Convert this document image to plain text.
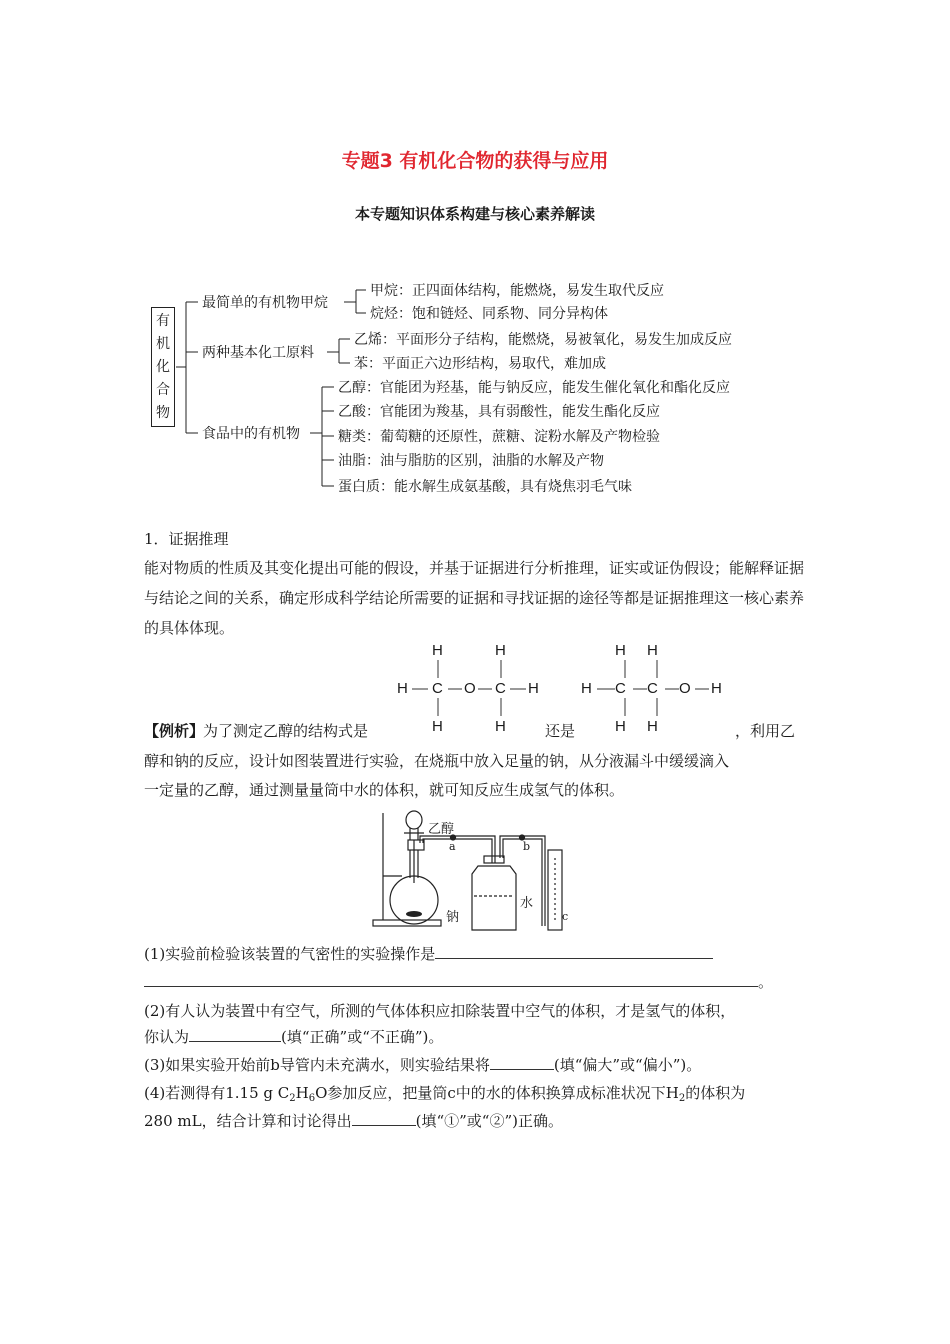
专题3 有机化合物的获得与应用
本专题知识体系构建与核心素养解读
有机化合物
最简单的有机物甲烷
甲烷：正四面体结构，能燃烧，易发生取代反应
烷烃：饱和链烃、同系物、同分异构体
两种基本化工原料
乙烯：平面形分子结构，能燃烧，易被氧化，易发生加成反应
苯：平面正六边形结构，易取代，难加成
食品中的有机物
乙醇：官能团为羟基，能与钠反应，能发生催化氧化和酯化反应
乙酸：官能团为羧基，具有弱酸性，能发生酯化反应
糖类：葡萄糖的还原性，蔗糖、淀粉水解及产物检验
油脂：油与脂肪的区别，油脂的水解及产物
蛋白质：能水解生成氨基酸，具有烧焦羽毛气味
1．证据推理
能对物质的性质及其变化提出可能的假设，并基于证据进行分析推理，证实或证伪假设；能解释证据与结论之间的关系，确定形成科学结论所需要的证据和寻找证据的途径等都是证据推理这一核心素养的具体体现。
H	H
H C O C H
H	H
H H
H C C O H
H H
【例析】
为了测定乙醇的结构式是	还是	，利用乙
醇和钠的反应，设计如图装置进行实验，在烧瓶中放入足量的钠，从分液漏斗中缓缓滴入
一定量的乙醇，通过测量量筒中水的体积，就可知反应生成氢气的体积。
乙醇
a	b
钠
水
c
(1)实验前检验该装置的气密性的实验操作是
。
(2)有人认为装置中有空气，所测的气体体积应扣除装置中空气的体积，才是氢气的体积，
你认为	(填“正确”或“不正确”)。
(3)如果实验开始前b导管内未充满水，则实验结果将	(填“偏大”或“偏小”)。
(4)若测得有1.15 g $C_2H_6O$参加反应，把量筒c中的水的体积换算成标准状况下$H_2$的体积为
280 mL，结合计算和讨论得出	(填“①”或“②”)正确。
